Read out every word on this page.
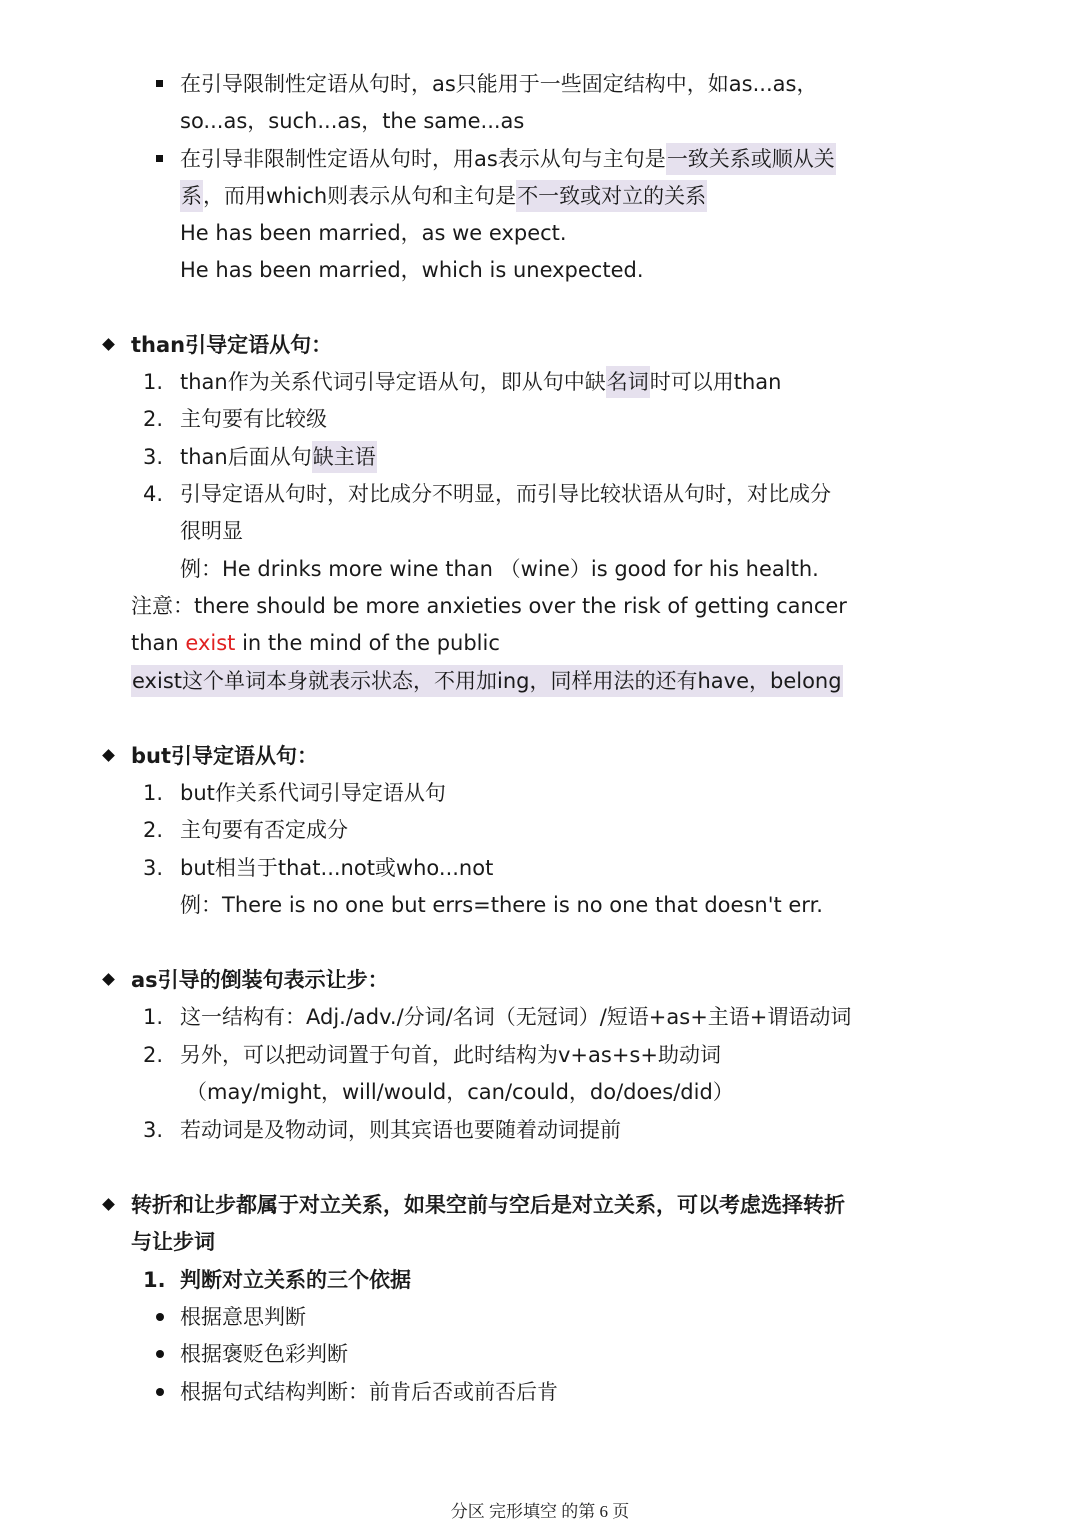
在引导限制性定语从句时，as只能用于一些固定结构中，如as...as，
so...as，such...as，the same...as
在引导非限制性定语从句时，用as表示从句与主句是一致关系或顺从关
系，而用which则表示从句和主句是不一致或对立的关系
He has been married，as we expect.
He has been married，which is unexpected.
than引导定语从句：
1. than作为关系代词引导定语从句，即从句中缺名词时可以用than
2. 主句要有比较级
3. than后面从句缺主语
4. 引导定语从句时，对比成分不明显，而引导比较状语从句时，对比成分
很明显
例：He drinks more wine than （wine）is good for his health.
注意：there should be more anxieties over the risk of getting cancer
than exist in the mind of the public
exist这个单词本身就表示状态，不用加ing，同样用法的还有have，belong
but引导定语从句：
1. but作关系代词引导定语从句
2. 主句要有否定成分
3. but相当于that...not或who...not
例：There is no one but errs=there is no one that doesn't err.
as引导的倒装句表示让步：
1. 这一结构有：Adj./adv./分词/名词（无冠词）/短语+as+主语+谓语动词
2. 另外，可以把动词置于句首，此时结构为v+as+s+助动词
（may/might，will/would，can/could，do/does/did）
3. 若动词是及物动词，则其宾语也要随着动词提前
转折和让步都属于对立关系，如果空前与空后是对立关系，可以考虑选择转折
与让步词
1. 判断对立关系的三个依据
根据意思判断
根据褒贬色彩判断
根据句式结构判断：前肯后否或前否后肯
分区 完形填空 的第 6 页
